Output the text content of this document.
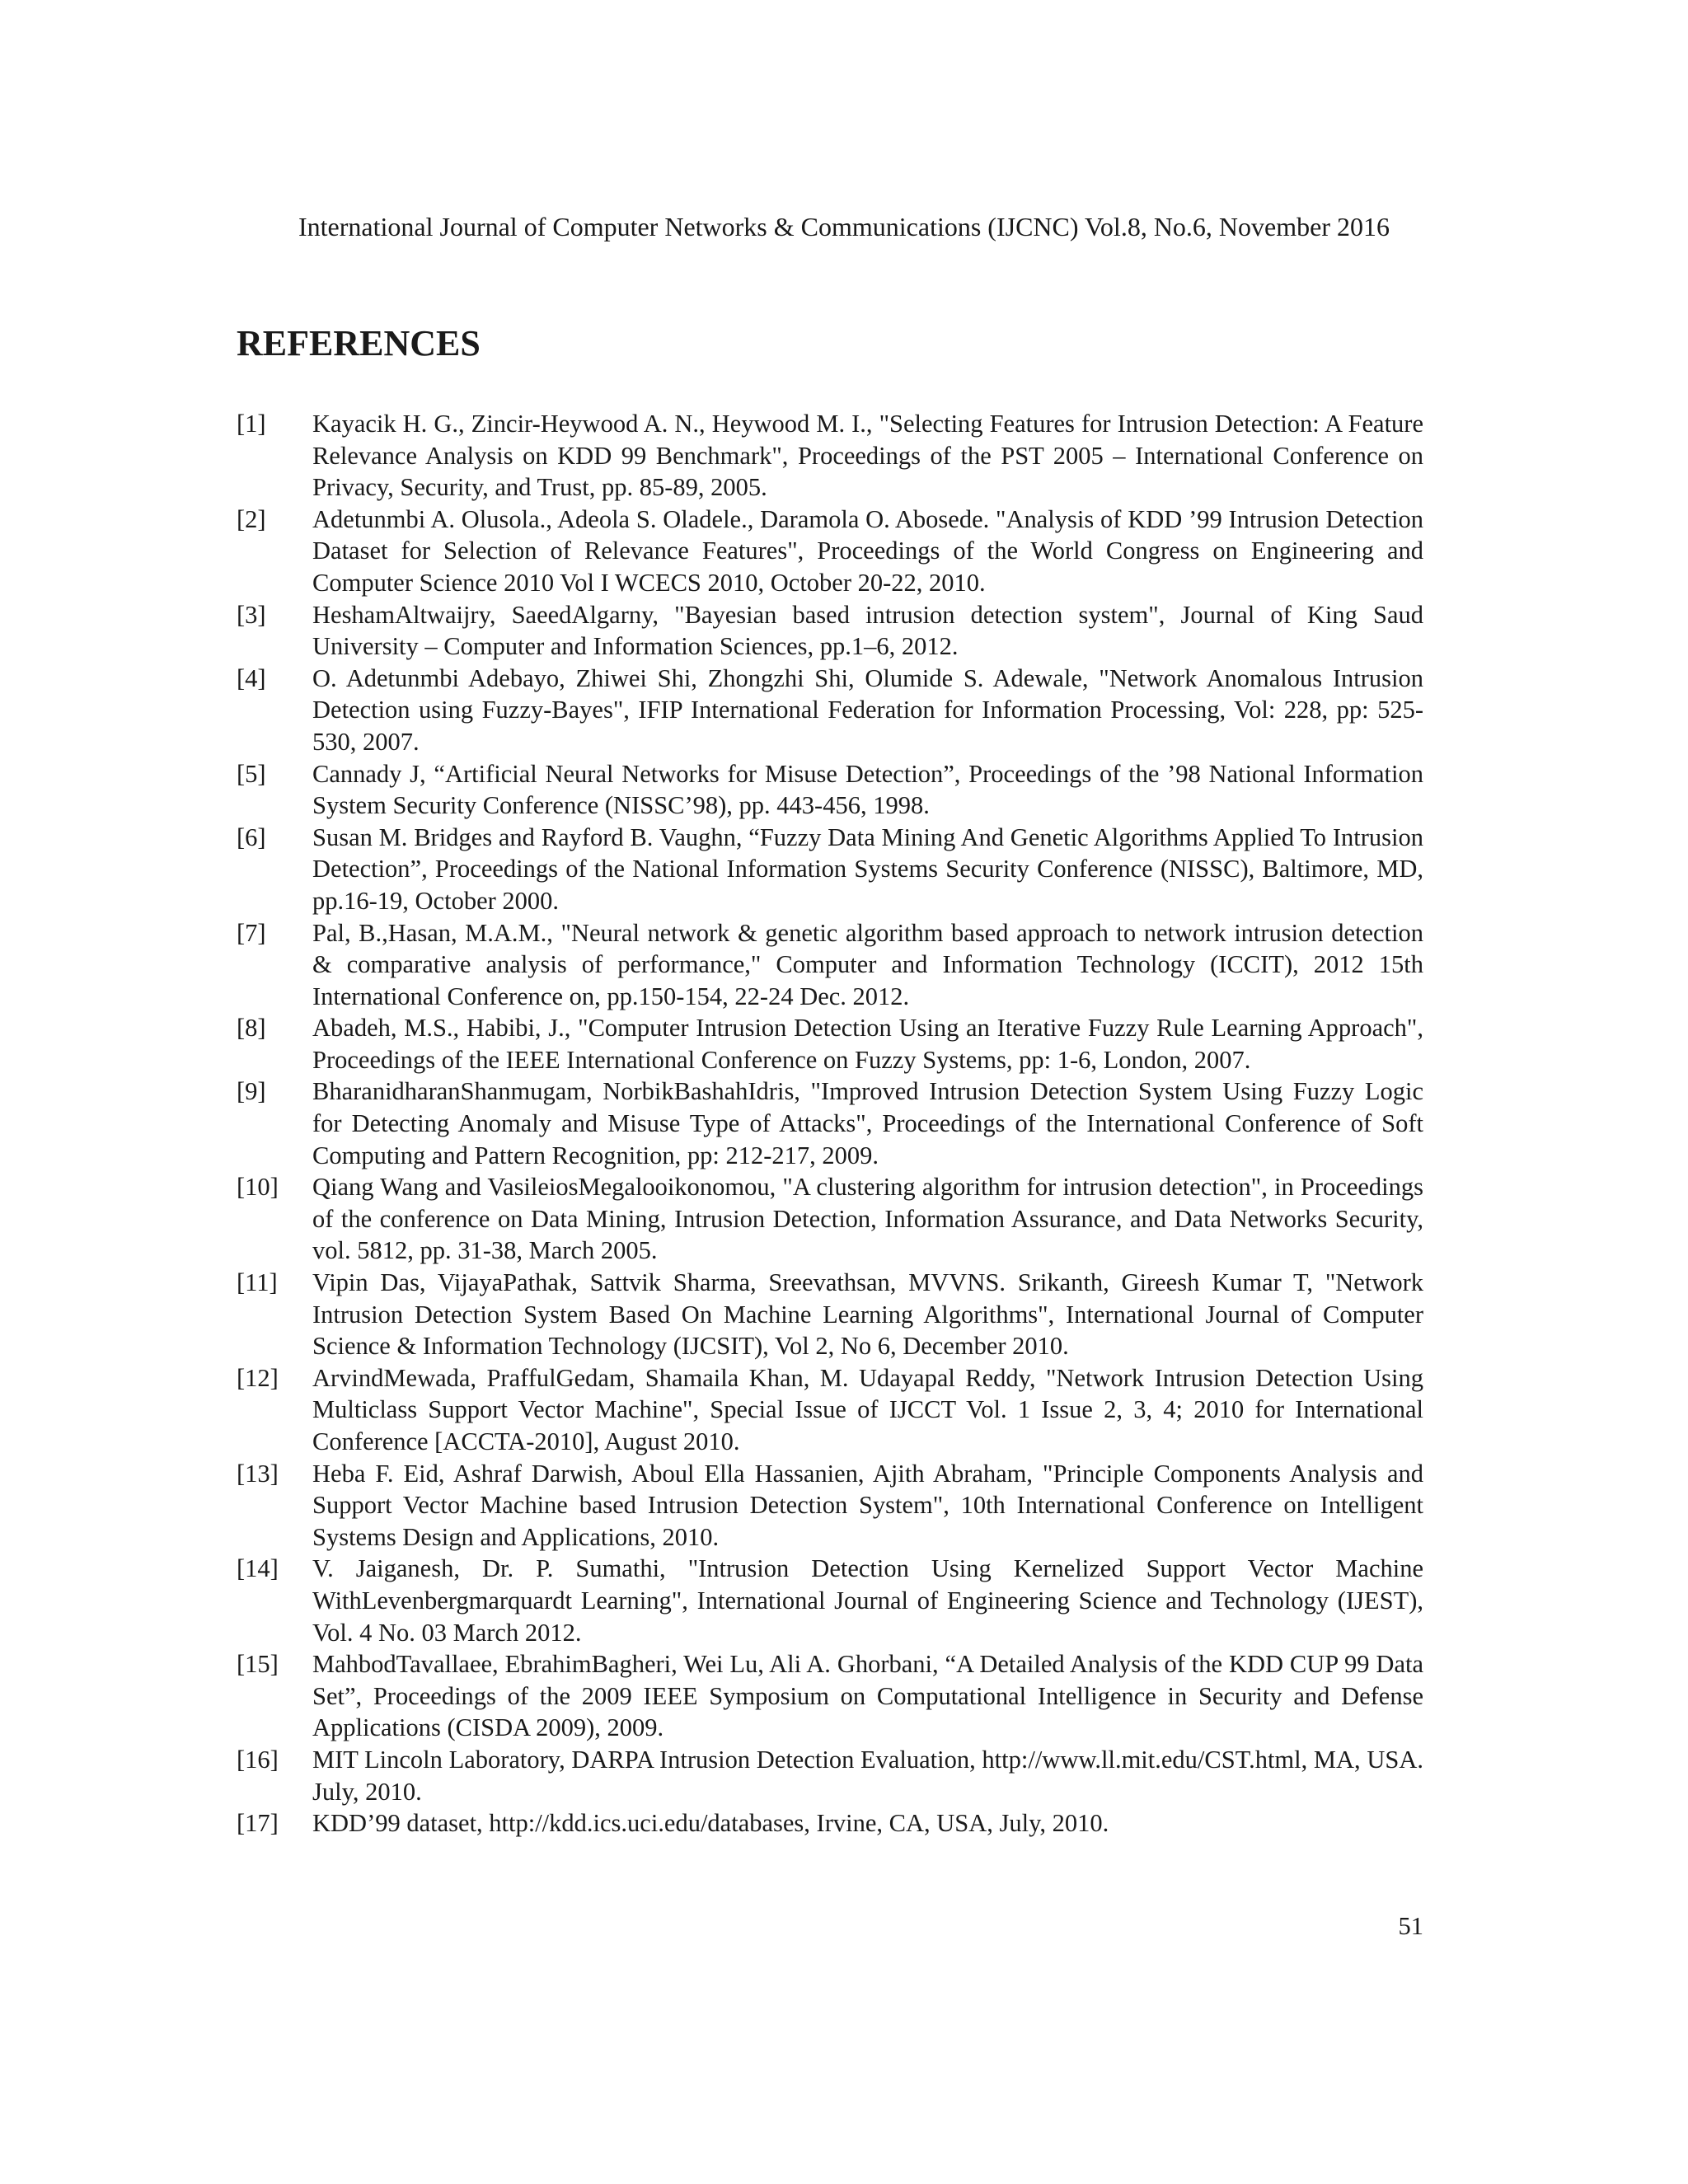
International Journal of Computer Networks & Communications (IJCNC) Vol.8, No.6, November 2016
REFERENCES
[1] Kayacik H. G., Zincir-Heywood A. N., Heywood M. I., "Selecting Features for Intrusion Detection: A Feature Relevance Analysis on KDD 99 Benchmark", Proceedings of the PST 2005 – International Conference on Privacy, Security, and Trust, pp. 85-89, 2005.
[2] Adetunmbi A. Olusola., Adeola S. Oladele., Daramola O. Abosede. "Analysis of KDD ’99 Intrusion Detection Dataset for Selection of Relevance Features", Proceedings of the World Congress on Engineering and Computer Science 2010 Vol I WCECS 2010, October 20-22, 2010.
[3] HeshamAltwaijry, SaeedAlgarny, "Bayesian based intrusion detection system", Journal of King Saud University – Computer and Information Sciences, pp.1–6, 2012.
[4] O. Adetunmbi Adebayo, Zhiwei Shi, Zhongzhi Shi, Olumide S. Adewale, "Network Anomalous Intrusion Detection using Fuzzy-Bayes", IFIP International Federation for Information Processing, Vol: 228, pp: 525-530, 2007.
[5] Cannady J, “Artificial Neural Networks for Misuse Detection”, Proceedings of the ’98 National Information System Security Conference (NISSC’98), pp. 443-456, 1998.
[6] Susan M. Bridges and Rayford B. Vaughn, “Fuzzy Data Mining And Genetic Algorithms Applied To Intrusion Detection”, Proceedings of the National Information Systems Security Conference (NISSC), Baltimore, MD, pp.16-19, October 2000.
[7] Pal, B.,Hasan, M.A.M., "Neural network & genetic algorithm based approach to network intrusion detection & comparative analysis of performance," Computer and Information Technology (ICCIT), 2012 15th International Conference on, pp.150-154, 22-24 Dec. 2012.
[8] Abadeh, M.S., Habibi, J., "Computer Intrusion Detection Using an Iterative Fuzzy Rule Learning Approach", Proceedings of the IEEE International Conference on Fuzzy Systems, pp: 1-6, London, 2007.
[9] BharanidharanShanmugam, NorbikBashahIdris, "Improved Intrusion Detection System Using Fuzzy Logic for Detecting Anomaly and Misuse Type of Attacks", Proceedings of the International Conference of Soft Computing and Pattern Recognition, pp: 212-217, 2009.
[10] Qiang Wang and VasileiosMegalooikonomou, "A clustering algorithm for intrusion detection", in Proceedings of the conference on Data Mining, Intrusion Detection, Information Assurance, and Data Networks Security, vol. 5812, pp. 31-38, March 2005.
[11] Vipin Das, VijayaPathak, Sattvik Sharma, Sreevathsan, MVVNS. Srikanth, Gireesh Kumar T, "Network Intrusion Detection System Based On Machine Learning Algorithms", International Journal of Computer Science & Information Technology (IJCSIT), Vol 2, No 6, December 2010.
[12] ArvindMewada, PraffulGedam, Shamaila Khan, M. Udayapal Reddy, "Network Intrusion Detection Using Multiclass Support Vector Machine", Special Issue of IJCCT Vol. 1 Issue 2, 3, 4; 2010 for International Conference [ACCTA-2010], August 2010.
[13] Heba F. Eid, Ashraf Darwish, Aboul Ella Hassanien, Ajith Abraham, "Principle Components Analysis and Support Vector Machine based Intrusion Detection System", 10th International Conference on Intelligent Systems Design and Applications, 2010.
[14] V. Jaiganesh, Dr. P. Sumathi, "Intrusion Detection Using Kernelized Support Vector Machine WithLevenbergmarquardt Learning", International Journal of Engineering Science and Technology (IJEST), Vol. 4 No. 03 March 2012.
[15] MahbodTavallaee, EbrahimBagheri, Wei Lu, Ali A. Ghorbani, “A Detailed Analysis of the KDD CUP 99 Data Set”, Proceedings of the 2009 IEEE Symposium on Computational Intelligence in Security and Defense Applications (CISDA 2009), 2009.
[16] MIT Lincoln Laboratory, DARPA Intrusion Detection Evaluation, http://www.ll.mit.edu/CST.html, MA, USA. July, 2010.
[17] KDD’99 dataset, http://kdd.ics.uci.edu/databases, Irvine, CA, USA, July, 2010.
51
